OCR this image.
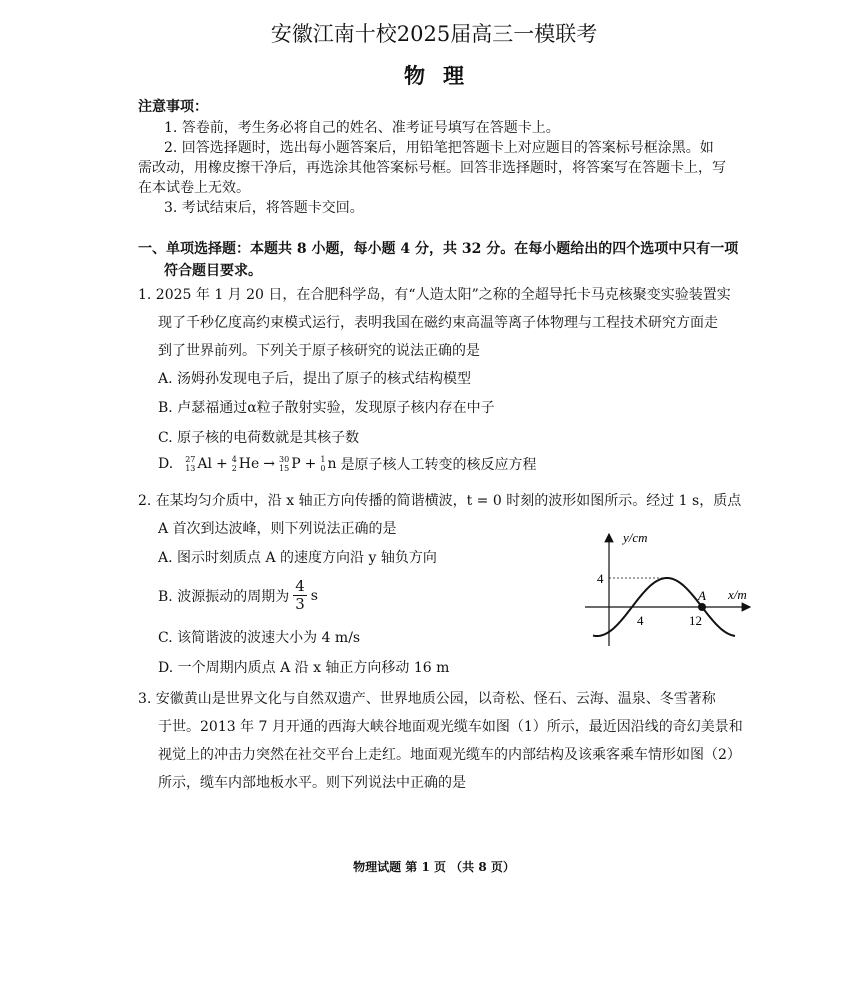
安徽江南十校2025届高三一模联考
物理
注意事项：
1. 答卷前，考生务必将自己的姓名、准考证号填写在答题卡上。
2. 回答选择题时，选出每小题答案后，用铅笔把答题卡上对应题目的答案标号框涂黑。如
需改动，用橡皮擦干净后，再选涂其他答案标号框。回答非选择题时，将答案写在答题卡上，写
在本试卷上无效。
3. 考试结束后，将答题卡交回。
一、单项选择题：本题共 8 小题，每小题 4 分，共 32 分。在每小题给出的四个选项中只有一项
符合题目要求。
1. 2025 年 1 月 20 日，在合肥科学岛，有“人造太阳”之称的全超导托卡马克核聚变实验装置实
现了千秒亿度高约束模式运行，表明我国在磁约束高温等离子体物理与工程技术研究方面走
到了世界前列。下列关于原子核研究的说法正确的是
A. 汤姆孙发现电子后，提出了原子的核式结构模型
B. 卢瑟福通过α粒子散射实验，发现原子核内存在中子
C. 原子核的电荷数就是其核子数
D. 27
13 Al + 4
2 He → 30
15 P + 1
0 n 是原子核人工转变的核反应方程
2. 在某均匀介质中，沿 x 轴正方向传播的简谐横波，t = 0 时刻的波形如图所示。经过 1 s，质点
A 首次到达波峰，则下列说法正确的是
A. 图示时刻质点 A 的速度方向沿 y 轴负方向
B. 波源振动的周期为 $\frac{4}{3}$ s
C. 该简谐波的波速大小为 4 m/s
D. 一个周期内质点 A 沿 x 轴正方向移动 16 m
y/cm
x/m
4
4	12
A
3. 安徽黄山是世界文化与自然双遗产、世界地质公园，以奇松、怪石、云海、温泉、冬雪著称
于世。2013 年 7 月开通的西海大峡谷地面观光缆车如图（1）所示，最近因沿线的奇幻美景和
视觉上的冲击力突然在社交平台上走红。地面观光缆车的内部结构及该乘客乘车情形如图（2）
所示，缆车内部地板水平。则下列说法中正确的是
物理试题 第 1 页 （共 8 页）
